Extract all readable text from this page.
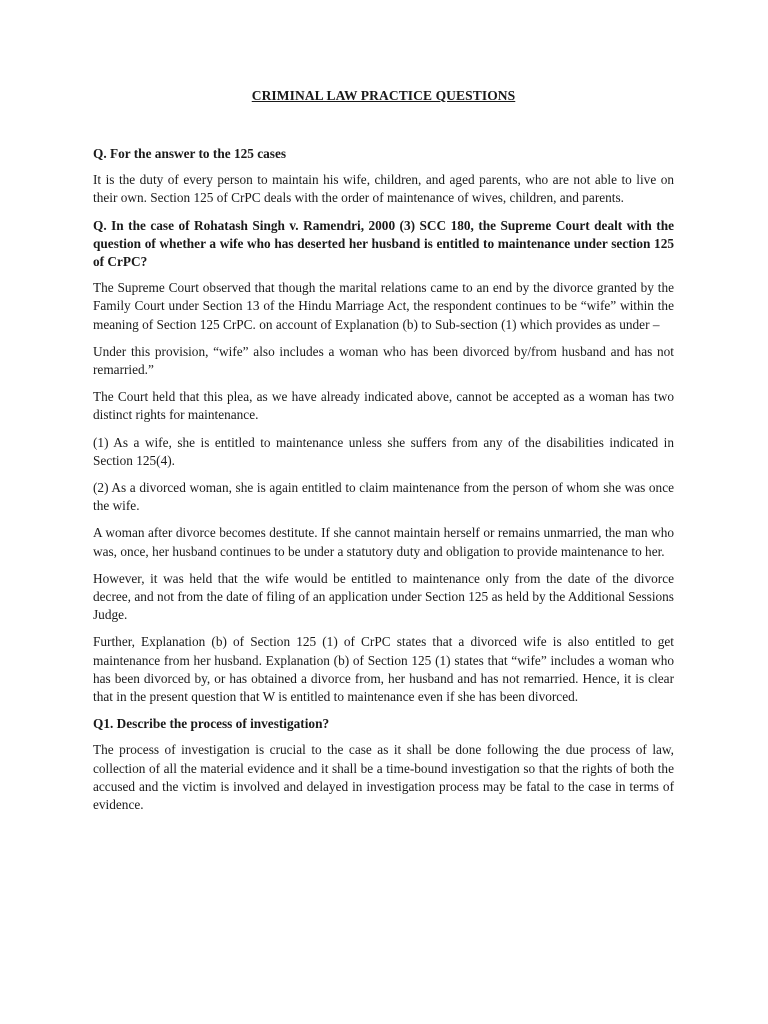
CRIMINAL LAW PRACTICE QUESTIONS
Q. For the answer to the 125 cases
It is the duty of every person to maintain his wife, children, and aged parents, who are not able to live on their own. Section 125 of CrPC deals with the order of maintenance of wives, children, and parents.
Q. In the case of Rohatash Singh v. Ramendri, 2000 (3) SCC 180, the Supreme Court dealt with the question of whether a wife who has deserted her husband is entitled to maintenance under section 125 of CrPC?
The Supreme Court observed that though the marital relations came to an end by the divorce granted by the Family Court under Section 13 of the Hindu Marriage Act, the respondent continues to be “wife” within the meaning of Section 125 CrPC. on account of Explanation (b) to Sub-section (1) which provides as under –
Under this provision, “wife” also includes a woman who has been divorced by/from husband and has not remarried.”
The Court held that this plea, as we have already indicated above, cannot be accepted as a woman has two distinct rights for maintenance.
(1) As a wife, she is entitled to maintenance unless she suffers from any of the disabilities indicated in Section 125(4).
(2) As a divorced woman, she is again entitled to claim maintenance from the person of whom she was once the wife.
A woman after divorce becomes destitute. If she cannot maintain herself or remains unmarried, the man who was, once, her husband continues to be under a statutory duty and obligation to provide maintenance to her.
However, it was held that the wife would be entitled to maintenance only from the date of the divorce decree, and not from the date of filing of an application under Section 125 as held by the Additional Sessions Judge.
Further, Explanation (b) of Section 125 (1) of CrPC states that a divorced wife is also entitled to get maintenance from her husband. Explanation (b) of Section 125 (1) states that “wife” includes a woman who has been divorced by, or has obtained a divorce from, her husband and has not remarried. Hence, it is clear that in the present question that W is entitled to maintenance even if she has been divorced.
Q1. Describe the process of investigation?
The process of investigation is crucial to the case as it shall be done following the due process of law, collection of all the material evidence and it shall be a time-bound investigation so that the rights of both the accused and the victim is involved and delayed in investigation process may be fatal to the case in terms of evidence.
